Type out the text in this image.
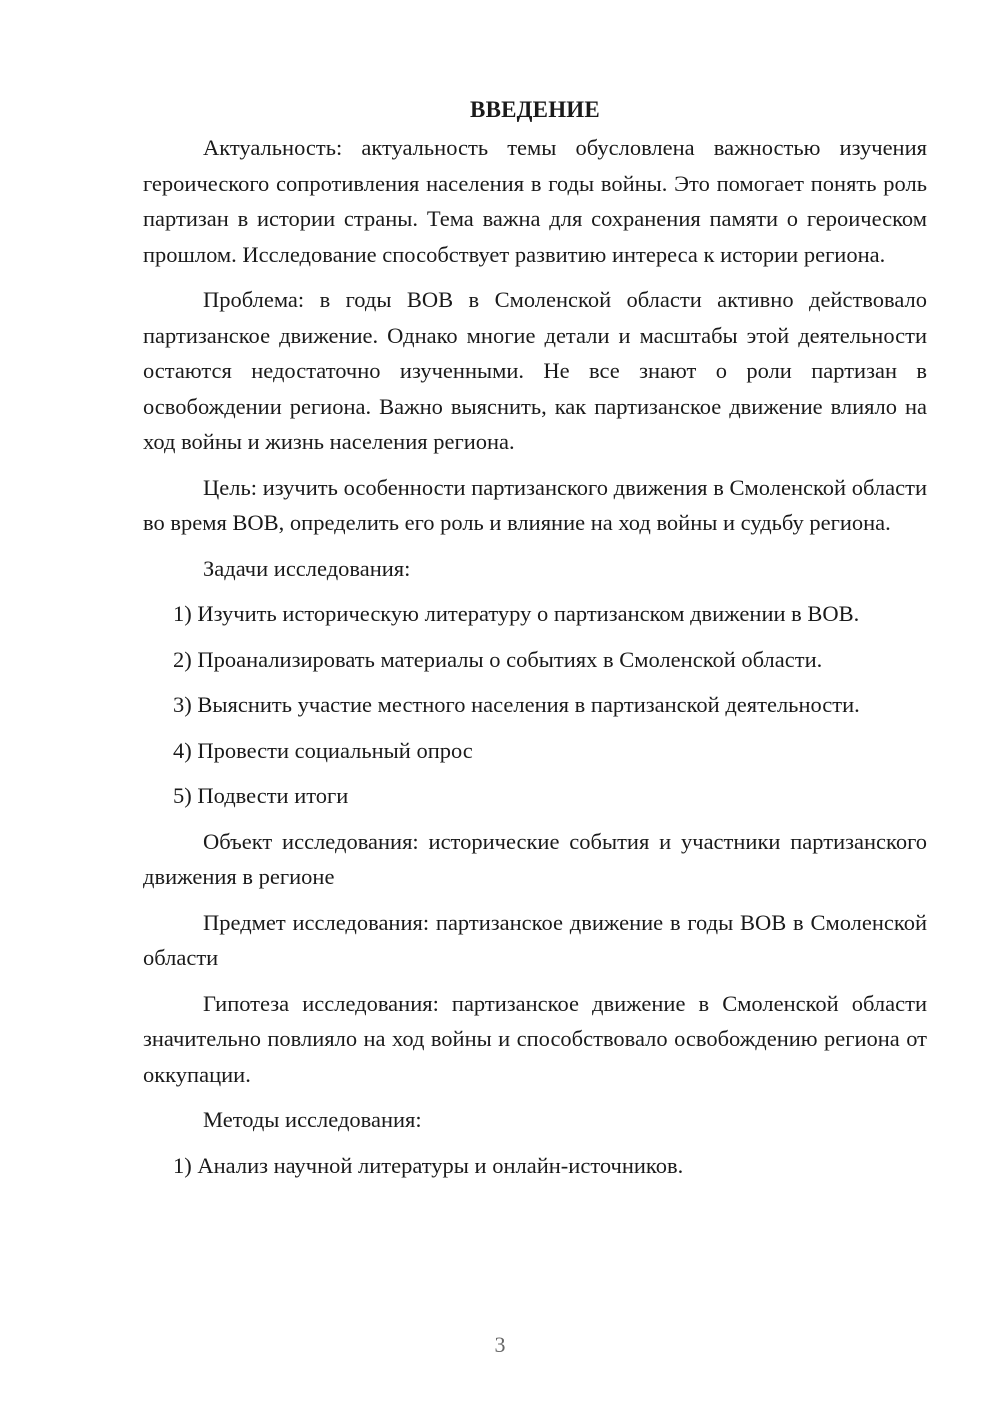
ВВЕДЕНИЕ

Актуальность: актуальность темы обусловлена важностью изучения героического сопротивления населения в годы войны. Это помогает понять роль партизан в истории страны. Тема важна для сохранения памяти о героическом прошлом. Исследование способствует развитию интереса к истории региона.

Проблема: в годы ВОВ в Смоленской области активно действовало партизанское движение. Однако многие детали и масштабы этой деятельности остаются недостаточно изученными. Не все знают о роли партизан в освобождении региона. Важно выяснить, как партизанское движение влияло на ход войны и жизнь населения региона.

Цель: изучить особенности партизанского движения в Смоленской области во время ВОВ, определить его роль и влияние на ход войны и судьбу региона.

Задачи исследования:

1) Изучить историческую литературу о партизанском движении в ВОВ.

2) Проанализировать материалы о событиях в Смоленской области.

3) Выяснить участие местного населения в партизанской деятельности.

4) Провести социальный опрос

5) Подвести итоги

Объект исследования: исторические события и участники партизанского движения в регионе

Предмет исследования: партизанское движение в годы ВОВ в Смоленской области

Гипотеза исследования: партизанское движение в Смоленской области значительно повлияло на ход войны и способствовало освобождению региона от оккупации.

Методы исследования:

1) Анализ научной литературы и онлайн-источников.

3
